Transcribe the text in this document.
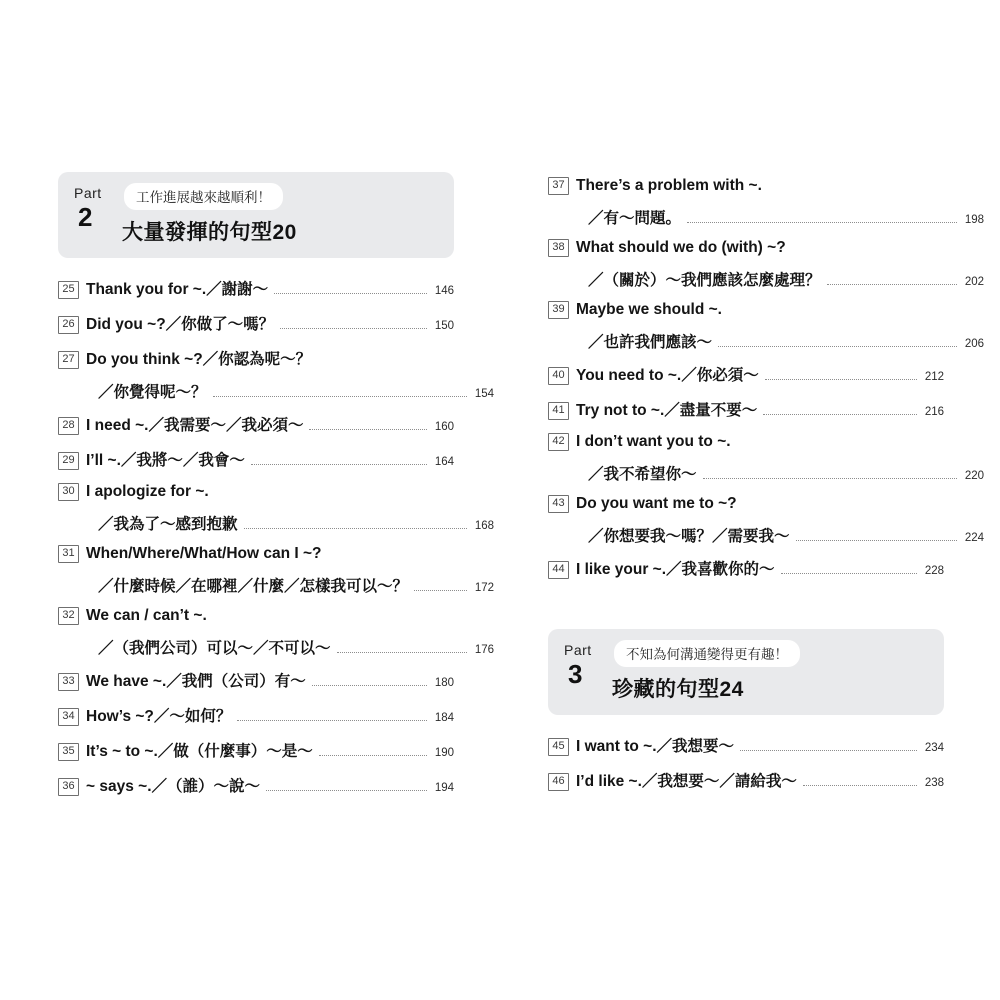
Part
2
工作進展越來越順利！
大量發揮的句型20
25 Thank you for ~.／謝謝～	146
26 Did you ~?／你做了～嗎？	150
27 Do you think ~?／你認為呢～？
／你覺得呢～？	154
28 I need ~.／我需要～／我必須～	160
29 I’ll ~.／我將～／我會～	164
30 I apologize for ~.
／我為了～感到抱歉	168
31 When/Where/What/How can I ~?
／什麼時候／在哪裡／什麼／怎樣我可以～？	172
32 We can / can’t ~.
／（我們公司）可以～／不可以～	176
33 We have ~.／我們（公司）有～	180
34 How’s ~?／～如何？	184
35 It’s ~ to ~.／做（什麼事）～是～	190
36 ~ says ~.／（誰）～說～	194
37 There’s a problem with ~.
／有～問題。	198
38 What should we do (with) ~?
／（關於）～我們應該怎麼處理？	202
39 Maybe we should ~.
／也許我們應該～	206
40 You need to ~.／你必須～	212
41 Try not to ~.／盡量不要～	216
42 I don’t want you to ~.
／我不希望你～	220
43 Do you want me to ~?
／你想要我～嗎？／需要我～	224
44 I like your ~.／我喜歡你的～	228
Part
3
不知為何溝通變得更有趣！
珍藏的句型24
45 I want to ~.／我想要～	234
46 I’d like ~.／我想要～／請給我～	238
